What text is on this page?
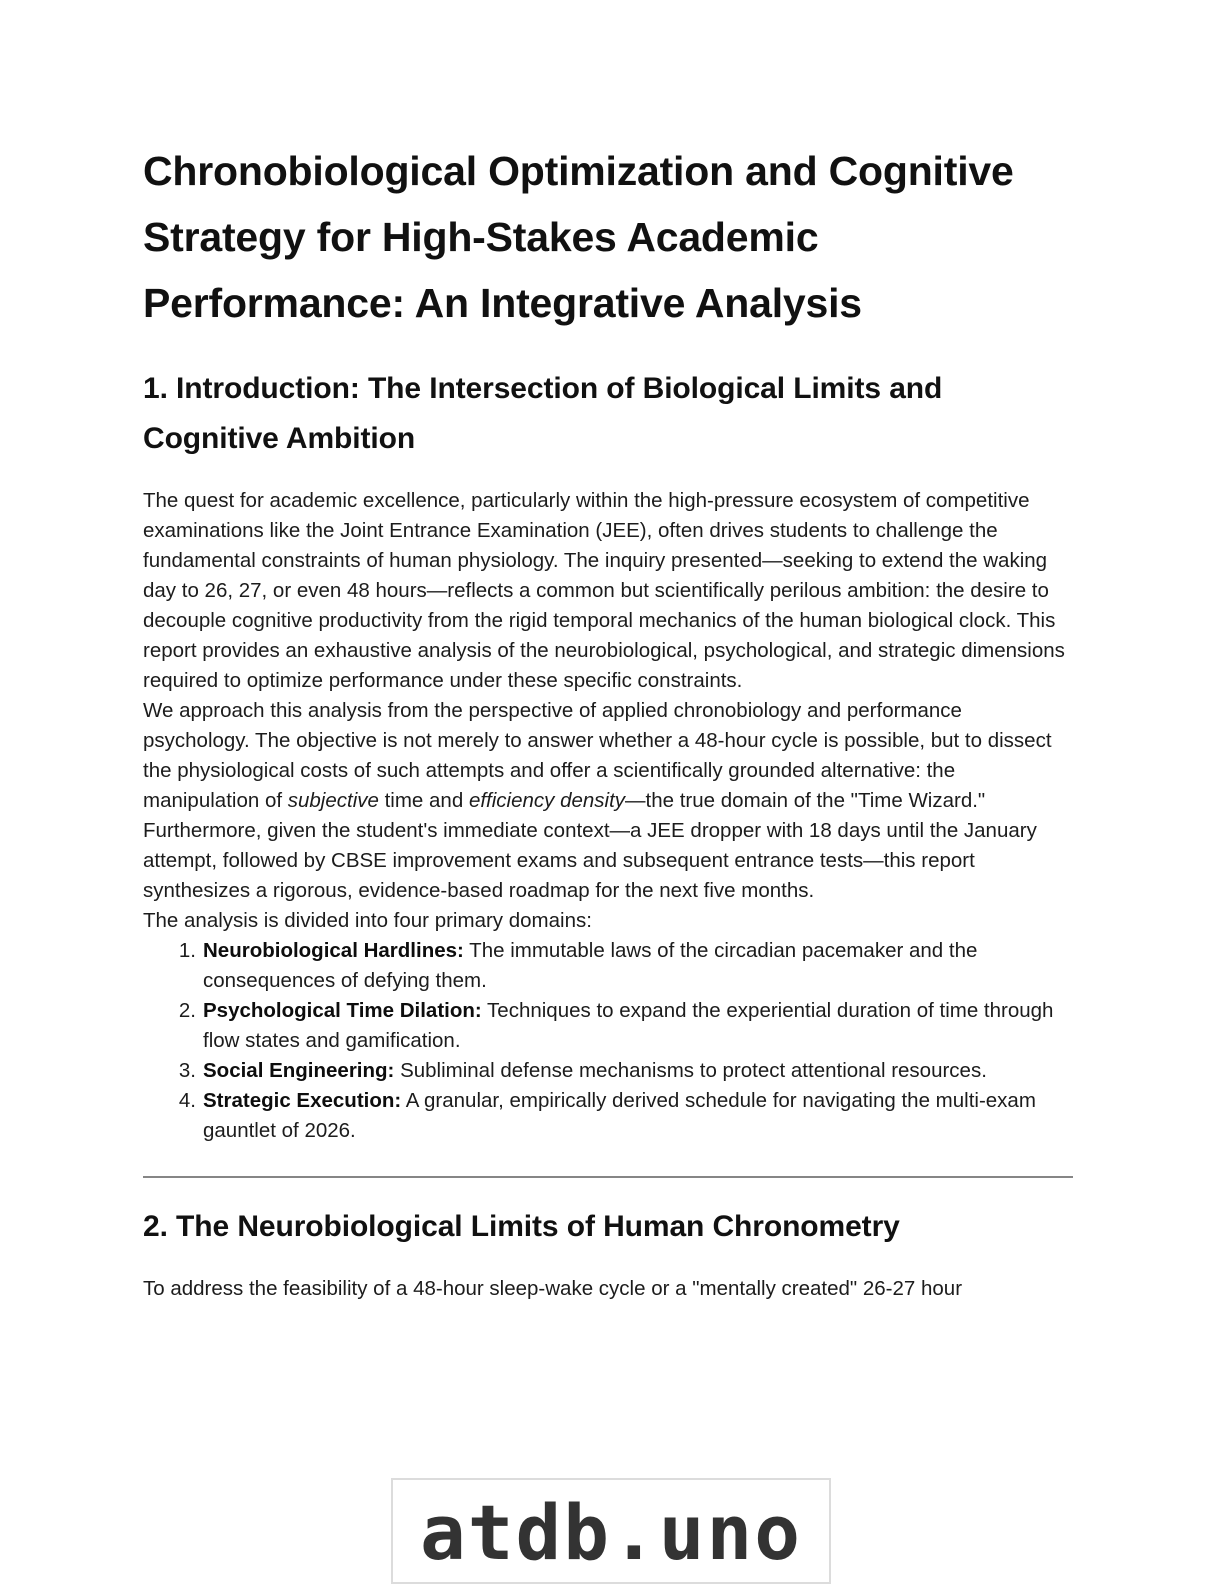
Chronobiological Optimization and Cognitive Strategy for High-Stakes Academic Performance: An Integrative Analysis
1. Introduction: The Intersection of Biological Limits and Cognitive Ambition

The quest for academic excellence, particularly within the high-pressure ecosystem of competitive examinations like the Joint Entrance Examination (JEE), often drives students to challenge the fundamental constraints of human physiology. The inquiry presented—seeking to extend the waking day to 26, 27, or even 48 hours—reflects a common but scientifically perilous ambition: the desire to decouple cognitive productivity from the rigid temporal mechanics of the human biological clock. This report provides an exhaustive analysis of the neurobiological, psychological, and strategic dimensions required to optimize performance under these specific constraints.

We approach this analysis from the perspective of applied chronobiology and performance psychology. The objective is not merely to answer whether a 48-hour cycle is possible, but to dissect the physiological costs of such attempts and offer a scientifically grounded alternative: the manipulation of subjective time and efficiency density—the true domain of the "Time Wizard." Furthermore, given the student's immediate context—a JEE dropper with 18 days until the January attempt, followed by CBSE improvement exams and subsequent entrance tests—this report synthesizes a rigorous, evidence-based roadmap for the next five months.

The analysis is divided into four primary domains:

Neurobiological Hardlines: The immutable laws of the circadian pacemaker and the consequences of defying them.
Psychological Time Dilation: Techniques to expand the experiential duration of time through flow states and gamification.
Social Engineering: Subliminal defense mechanisms to protect attentional resources.
Strategic Execution: A granular, empirically derived schedule for navigating the multi-exam gauntlet of 2026.
2. The Neurobiological Limits of Human Chronometry

To address the feasibility of a 48-hour sleep-wake cycle or a "mentally created" 26-27 hour

atdb.uno
